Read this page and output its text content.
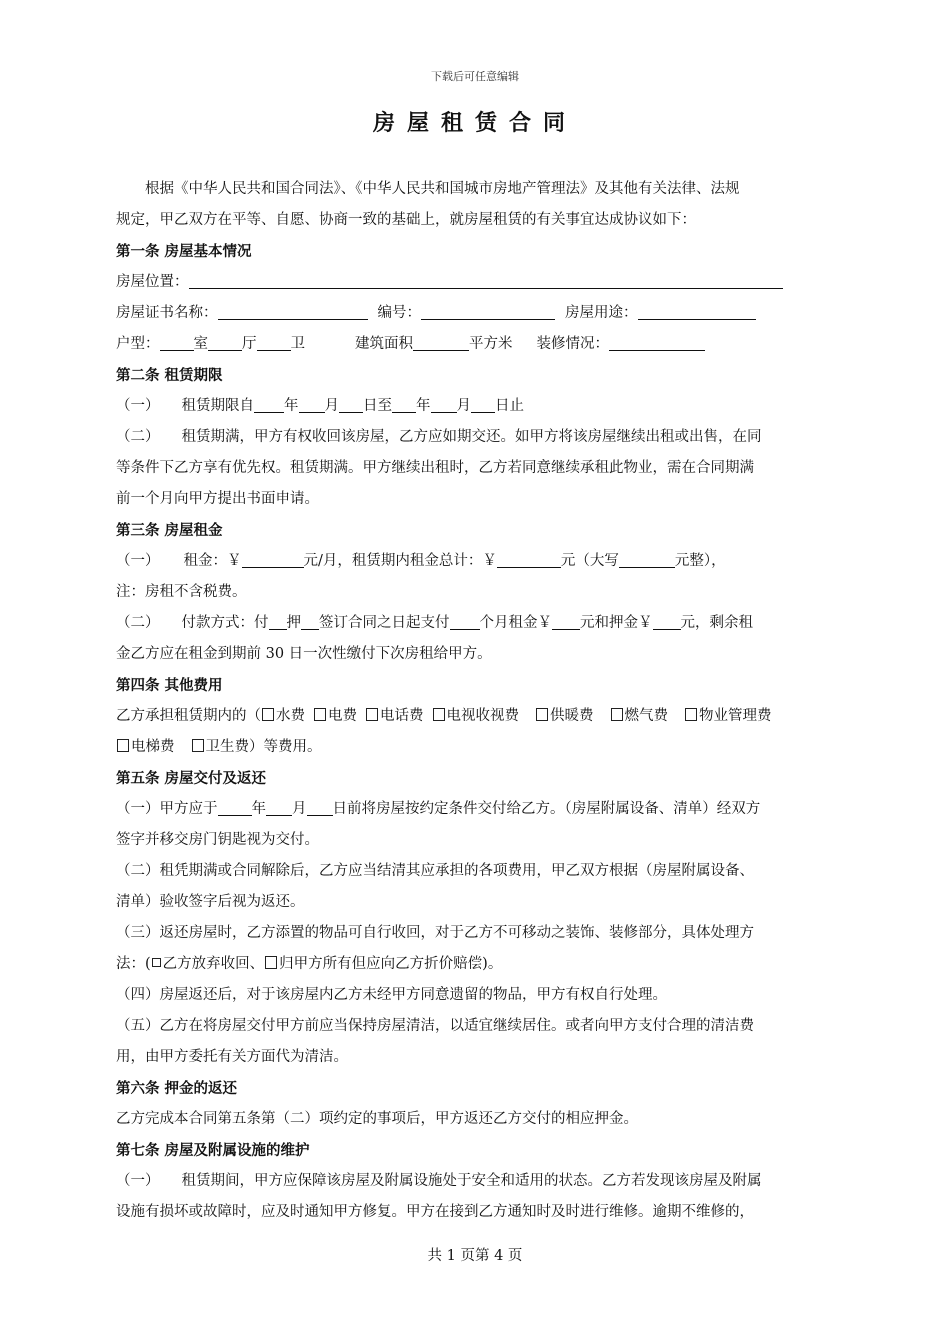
下载后可任意编辑
房屋租赁合同

根据《中华人民共和国合同法》、《中华人民共和国城市房地产管理法》及其他有关法律、法规

规定，甲乙双方在平等、自愿、协商一致的基础上，就房屋租赁的有关事宜达成协议如下：

第一条 房屋基本情况

房屋位置：

房屋证书名称：	编号：	房屋用途：

户型： 室 厅 卫	建筑面积	平方米 装修情况：

第二条 租赁期限

（一） 租赁期限自 年 月 日至 年 月 日止

（二） 租赁期满，甲方有权收回该房屋，乙方应如期交还。如甲方将该房屋继续出租或出售，在同

等条件下乙方享有优先权。租赁期满。甲方继续出租时，乙方若同意继续承租此物业，需在合同期满

前一个月向甲方提出书面申请。

第三条 房屋租金

（一） 租金：￥	元/月，租赁期内租金总计：￥	元（大写	元整），

注：房租不含税费。

（二） 付款方式：付 押 签订合同之日起支付 个月租金￥ 元和押金￥ 元，剩余租

金乙方应在租金到期前 30 日一次性缴付下次房租给甲方。

第四条 其他费用

乙方承担租赁期内的（ 水费 电费 电话费 电视收视费 供暖费 燃气费 物业管理费

电梯费 卫生费）等费用。

第五条 房屋交付及返还

（一）甲方应于 年 月 日前将房屋按约定条件交付给乙方。（房屋附属设备、清单）经双方

签字并移交房门钥匙视为交付。

（二）租凭期满或合同解除后，乙方应当结清其应承担的各项费用，甲乙双方根据（房屋附属设备、

清单）验收签字后视为返还。

（三）返还房屋时，乙方添置的物品可自行收回，对于乙方不可移动之装饰、装修部分，具体处理方

法：( 乙方放弃收回、 归甲方所有但应向乙方折价赔偿)。

（四）房屋返还后，对于该房屋内乙方未经甲方同意遗留的物品，甲方有权自行处理。

（五）乙方在将房屋交付甲方前应当保持房屋清洁，以适宜继续居住。或者向甲方支付合理的清洁费

用，由甲方委托有关方面代为清洁。

第六条 押金的返还

乙方完成本合同第五条第（二）项约定的事项后，甲方返还乙方交付的相应押金。

第七条 房屋及附属设施的维护

（一） 租赁期间，甲方应保障该房屋及附属设施处于安全和适用的状态。乙方若发现该房屋及附属

设施有损坏或故障时，应及时通知甲方修复。甲方在接到乙方通知时及时进行维修。逾期不维修的，

共 1 页第 4 页
